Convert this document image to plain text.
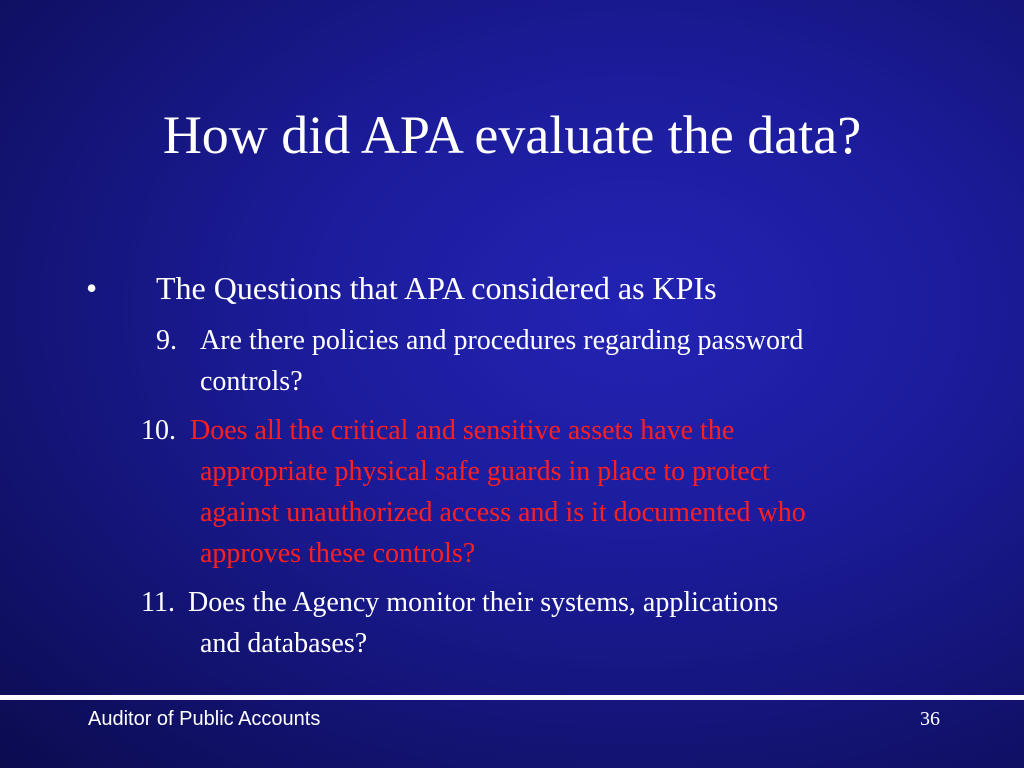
How did APA evaluate the data?
• The Questions that APA considered as KPIs
9. Are there policies and procedures regarding password
controls?
10. Does all the critical and sensitive assets have the
appropriate physical safe guards in place to protect
against unauthorized access and is it documented who
approves these controls?
11. Does the Agency monitor their systems, applications
and databases?
Auditor of Public Accounts	36
